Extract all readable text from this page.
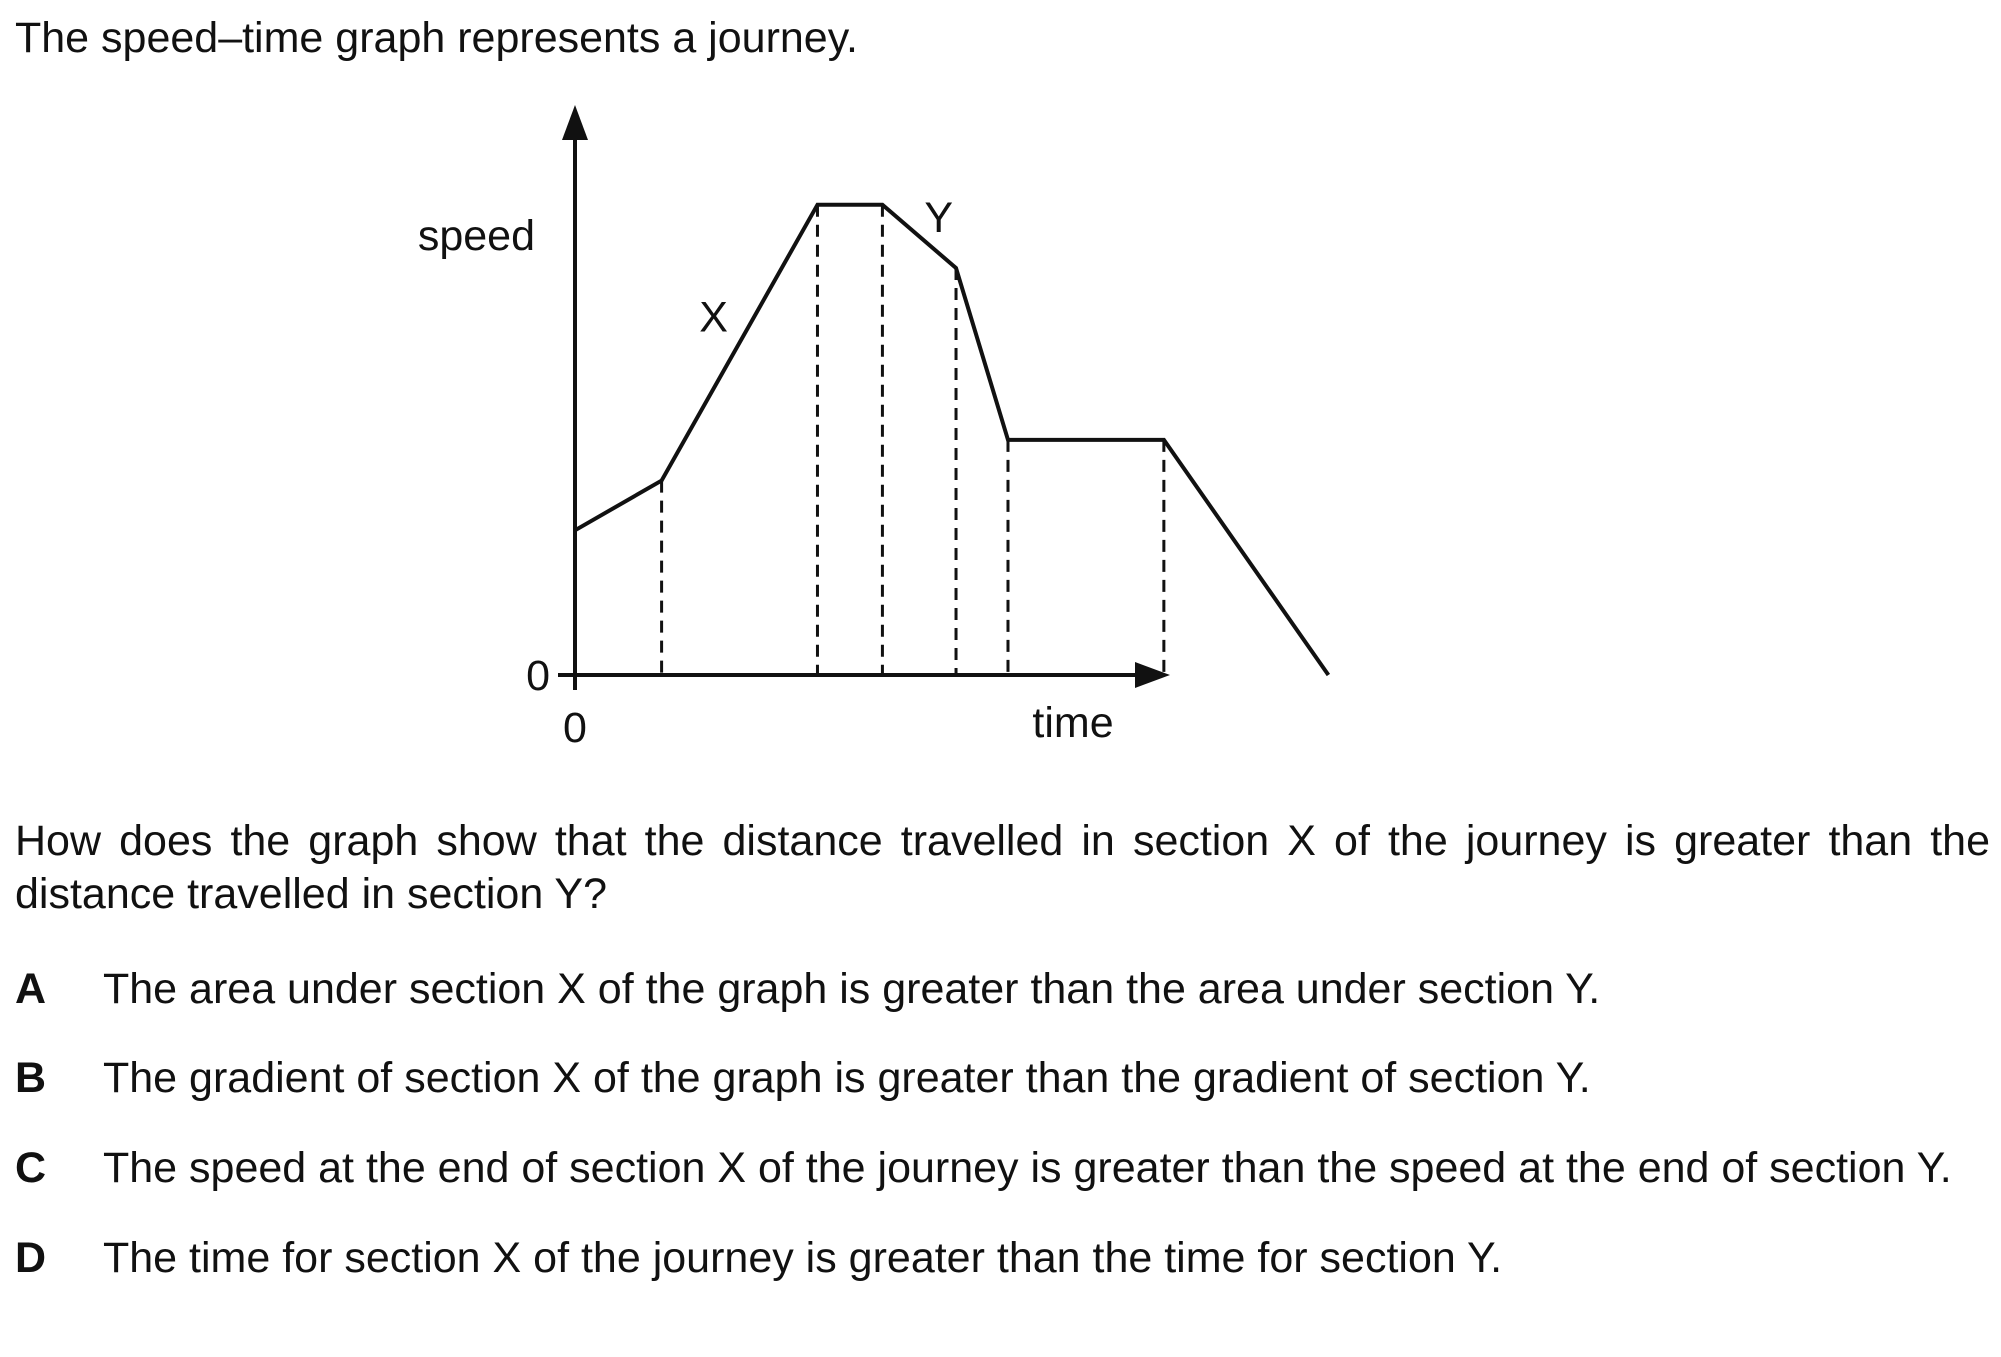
The speed–time graph represents a journey.

speed
time
0
0
X
Y

How does the graph show that the distance travelled in section X of the journey is greater than the distance travelled in section Y?

A	The area under section X of the graph is greater than the area under section Y.
B	The gradient of section X of the graph is greater than the gradient of section Y.
C	The speed at the end of section X of the journey is greater than the speed at the end of section Y.
D	The time for section X of the journey is greater than the time for section Y.
